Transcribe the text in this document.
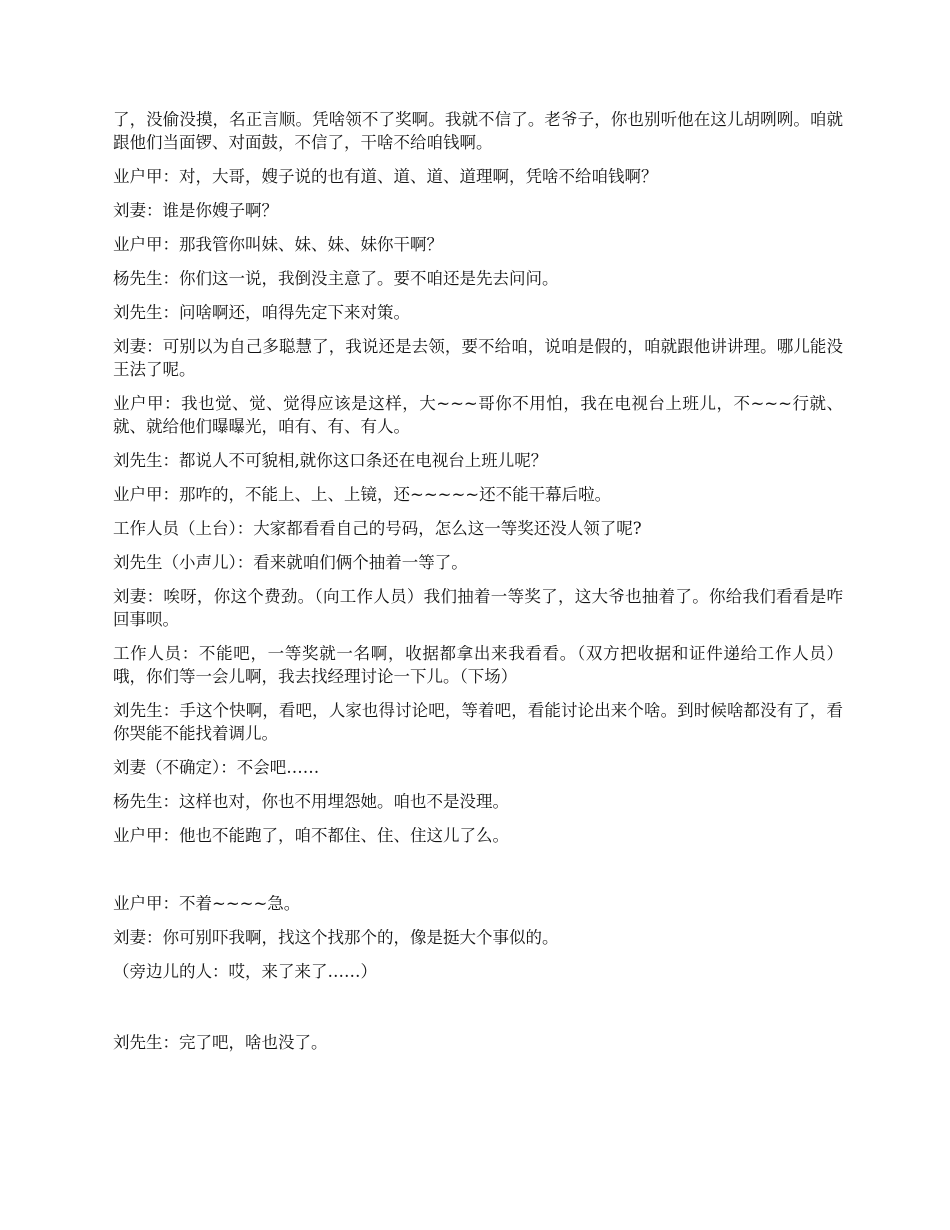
了，没偷没摸，名正言顺。凭啥领不了奖啊。我就不信了。老爷子，你也别听他在这儿胡咧咧。咱就跟他们当面锣、对面鼓，不信了，干啥不给咱钱啊。

业户甲：对，大哥，嫂子说的也有道、道、道、道理啊，凭啥不给咱钱啊？

刘妻：谁是你嫂子啊？

业户甲：那我管你叫妹、妹、妹、妹你干啊？

杨先生：你们这一说，我倒没主意了。要不咱还是先去问问。

刘先生：问啥啊还，咱得先定下来对策。

刘妻：可别以为自己多聪慧了，我说还是去领，要不给咱，说咱是假的，咱就跟他讲讲理。哪儿能没王法了呢。

业户甲：我也觉、觉、觉得应该是这样，大~~~哥你不用怕，我在电视台上班儿，不~~~行就、就、就给他们曝曝光，咱有、有、有人。

刘先生：都说人不可貌相,就你这口条还在电视台上班儿呢？

业户甲：那咋的，不能上、上、上镜，还~~~~~还不能干幕后啦。

工作人员（上台）：大家都看看自己的号码，怎么这一等奖还没人领了呢?

刘先生（小声儿）：看来就咱们俩个抽着一等了。

刘妻：唉呀，你这个费劲。（向工作人员）我们抽着一等奖了，这大爷也抽着了。你给我们看看是咋回事呗。

工作人员：不能吧，一等奖就一名啊，收据都拿出来我看看。（双方把收据和证件递给工作人员）哦，你们等一会儿啊，我去找经理讨论一下儿。（下场）

刘先生：手这个快啊，看吧，人家也得讨论吧，等着吧，看能讨论出来个啥。到时候啥都没有了，看你哭能不能找着调儿。

刘妻（不确定）：不会吧……

杨先生：这样也对，你也不用埋怨她。咱也不是没理。

业户甲：他也不能跑了，咱不都住、住、住这儿了么。

业户甲：不着~~~~急。

刘妻：你可别吓我啊，找这个找那个的，像是挺大个事似的。

（旁边儿的人：哎，来了来了……）

刘先生：完了吧，啥也没了。
